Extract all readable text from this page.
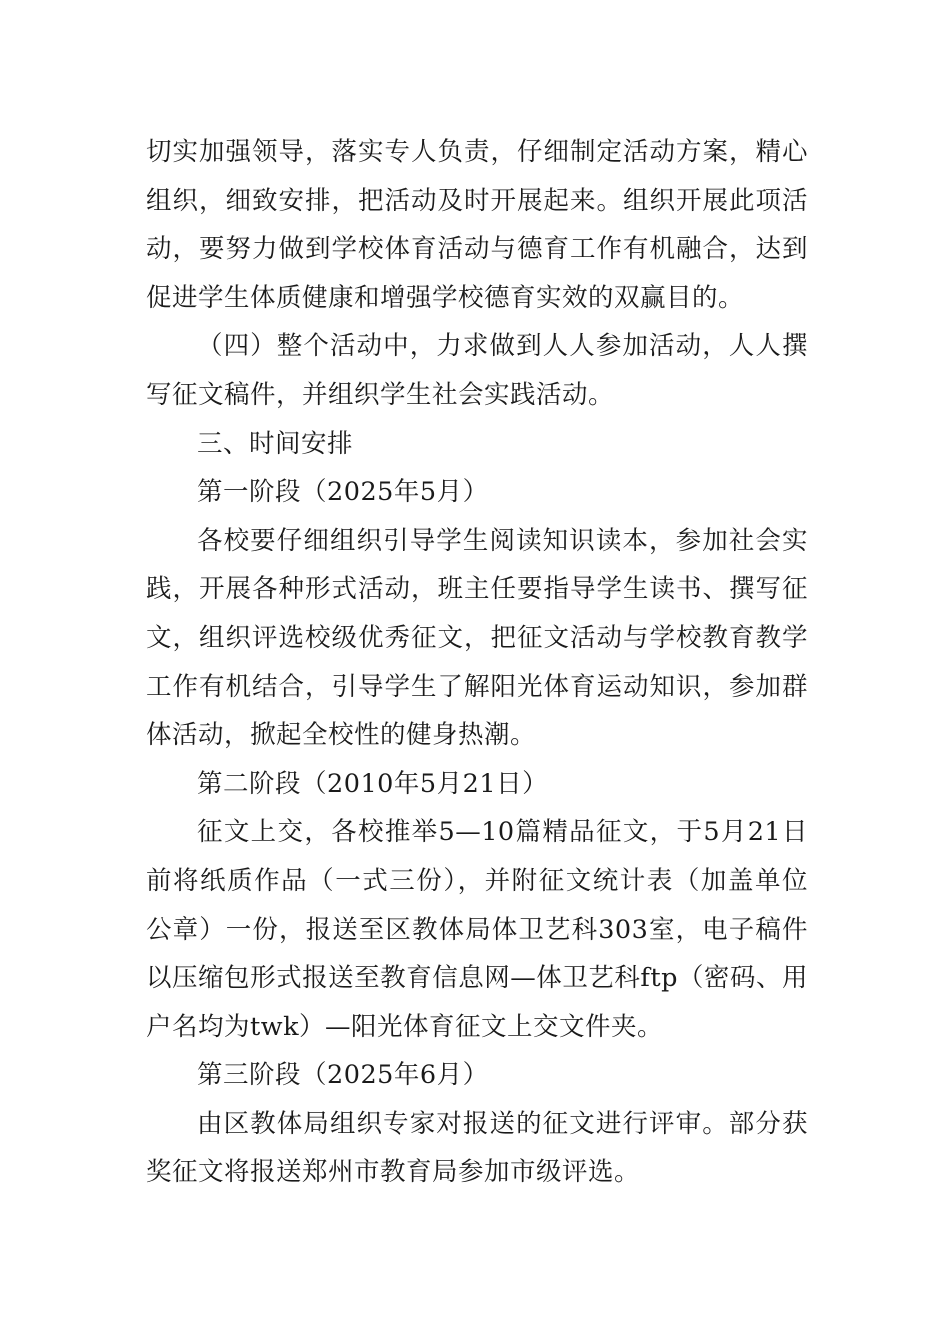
切实加强领导，落实专人负责，仔细制定活动方案，精心组织，细致安排，把活动及时开展起来。组织开展此项活动，要努力做到学校体育活动与德育工作有机融合，达到促进学生体质健康和增强学校德育实效的双赢目的。

（四）整个活动中，力求做到人人参加活动，人人撰写征文稿件，并组织学生社会实践活动。

三、时间安排

第一阶段（2025年5月）

各校要仔细组织引导学生阅读知识读本，参加社会实践，开展各种形式活动，班主任要指导学生读书、撰写征文，组织评选校级优秀征文，把征文活动与学校教育教学工作有机结合，引导学生了解阳光体育运动知识，参加群体活动，掀起全校性的健身热潮。

第二阶段（2010年5月21日）

征文上交，各校推举5—10篇精品征文，于5月21日前将纸质作品（一式三份），并附征文统计表（加盖单位公章）一份，报送至区教体局体卫艺科303室，电子稿件以压缩包形式报送至教育信息网—体卫艺科ftp（密码、用户名均为twk）—阳光体育征文上交文件夹。

第三阶段（2025年6月）

由区教体局组织专家对报送的征文进行评审。部分获奖征文将报送郑州市教育局参加市级评选。
